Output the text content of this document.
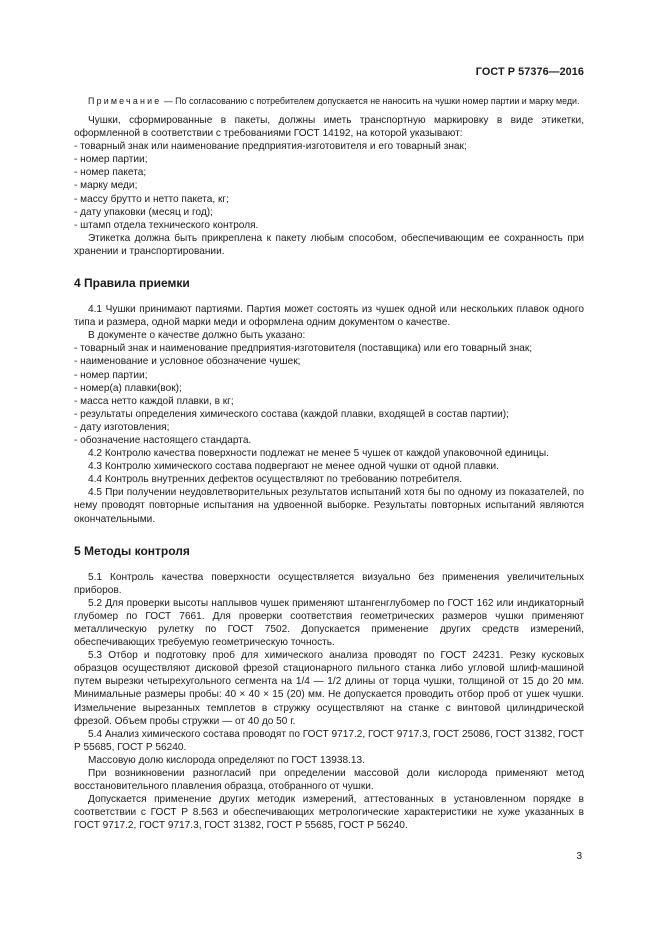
ГОСТ Р 57376—2016

Примечание — По согласованию с потребителем допускается не наносить на чушки номер партии и марку меди.

Чушки, сформированные в пакеты, должны иметь транспортную маркировку в виде этикетки, оформленной в соответствии с требованиями ГОСТ 14192, на которой указывают:

- товарный знак или наименование предприятия-изготовителя и его товарный знак;

- номер партии;

- номер пакета;

- марку меди;

- массу брутто и нетто пакета, кг;

- дату упаковки (месяц и год);

- штамп отдела технического контроля.

Этикетка должна быть прикреплена к пакету любым способом, обеспечивающим ее сохранность при хранении и транспортировании.

4 Правила приемки

4.1 Чушки принимают партиями. Партия может состоять из чушек одной или нескольких плавок одного типа и размера, одной марки меди и оформлена одним документом о качестве.

В документе о качестве должно быть указано:

- товарный знак и наименование предприятия-изготовителя (поставщика) или его товарный знак;

- наименование и условное обозначение чушек;

- номер партии;

- номер(а) плавки(вок);

- масса нетто каждой плавки, в кг;

- результаты определения химического состава (каждой плавки, входящей в состав партии);

- дату изготовления;

- обозначение настоящего стандарта.

4.2 Контролю качества поверхности подлежат не менее 5 чушек от каждой упаковочной единицы.

4.3 Контролю химического состава подвергают не менее одной чушки от одной плавки.

4.4 Контроль внутренних дефектов осуществляют по требованию потребителя.

4.5 При получении неудовлетворительных результатов испытаний хотя бы по одному из показателей, по нему проводят повторные испытания на удвоенной выборке. Результаты повторных испытаний являются окончательными.

5 Методы контроля

5.1 Контроль качества поверхности осуществляется визуально без применения увеличительных приборов.

5.2 Для проверки высоты наплывов чушек применяют штангенглубомер по ГОСТ 162 или индикаторный глубомер по ГОСТ 7661. Для проверки соответствия геометрических размеров чушки применяют металлическую рулетку по ГОСТ 7502. Допускается применение других средств измерений, обеспечивающих требуемую геометрическую точность.

5.3 Отбор и подготовку проб для химического анализа проводят по ГОСТ 24231. Резку кусковых образцов осуществляют дисковой фрезой стационарного пильного станка либо угловой шлиф-машиной путем вырезки четырехугольного сегмента на 1/4 — 1/2 длины от торца чушки, толщиной от 15 до 20 мм. Минимальные размеры пробы: 40 × 40 × 15 (20) мм. Не допускается проводить отбор проб от ушек чушки. Измельчение вырезанных темплетов в стружку осуществляют на станке с винтовой цилиндрической фрезой. Объем пробы стружки — от 40 до 50 г.

5.4 Анализ химического состава проводят по ГОСТ 9717.2, ГОСТ 9717.3, ГОСТ 25086, ГОСТ 31382, ГОСТ Р 55685, ГОСТ Р 56240.

Массовую долю кислорода определяют по ГОСТ 13938.13.

При возникновении разногласий при определении массовой доли кислорода применяют метод восстановительного плавления образца, отобранного от чушки.

Допускается применение других методик измерений, аттестованных в установленном порядке в соответствии с ГОСТ Р 8.563 и обеспечивающих метрологические характеристики не хуже указанных в ГОСТ 9717.2, ГОСТ 9717.3, ГОСТ 31382, ГОСТ Р 55685, ГОСТ Р 56240.

3
